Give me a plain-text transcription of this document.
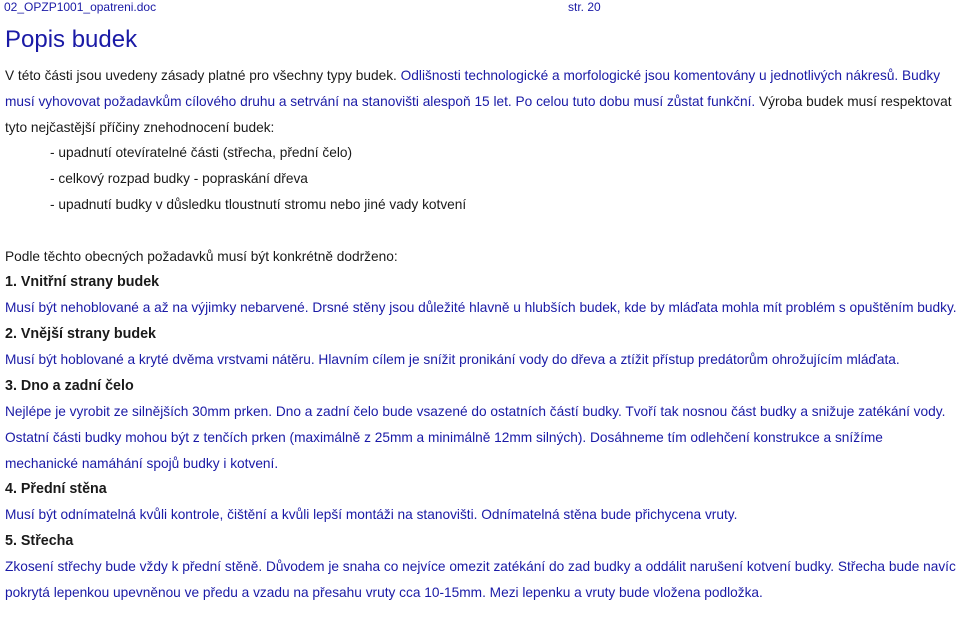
02_OPZP1001_opatreni.doc	str. 20
Popis budek

V této části jsou uvedeny zásady platné pro všechny typy budek. Odlišnosti technologické a morfologické jsou komentovány u jednotlivých nákresů. Budky musí vyhovovat požadavkům cílového druhu a setrvání na stanovišti alespoň 15 let. Po celou tuto dobu musí zůstat funkční. Výroba budek musí respektovat tyto nejčastější příčiny znehodnocení budek:

- upadnutí otevíratelné části (střecha, přední čelo)
- celkový rozpad budky - popraskání dřeva
- upadnutí budky v důsledku tloustnutí stromu nebo jiné vady kotvení

Podle těchto obecných požadavků musí být konkrétně dodrženo:

1. Vnitřní strany budek

Musí být nehoblované a až na výjimky nebarvené. Drsné stěny jsou důležité hlavně u hlubších budek, kde by mláďata mohla mít problém s opuštěním budky.

2. Vnější strany budek

Musí být hoblované a kryté dvěma vrstvami nátěru. Hlavním cílem je snížit pronikání vody do dřeva a ztížit přístup predátorům ohrožujícím mláďata.

3. Dno a zadní čelo

Nejlépe je vyrobit ze silnějších 30mm prken. Dno a zadní čelo bude vsazené do ostatních částí budky. Tvoří tak nosnou část budky a snižuje zatékání vody. Ostatní části budky mohou být z tenčích prken (maximálně z 25mm a minimálně 12mm silných). Dosáhneme tím odlehčení konstrukce a snížíme mechanické namáhání spojů budky i kotvení.

4. Přední stěna

Musí být odnímatelná kvůli kontrole, čištění a kvůli lepší montáži na stanovišti. Odnímatelná stěna bude přichycena vruty.

5. Střecha

Zkosení střechy bude vždy k přední stěně. Důvodem je snaha co nejvíce omezit zatékání do zad budky a oddálit narušení kotvení budky. Střecha bude navíc pokrytá lepenkou upevněnou ve předu a vzadu na přesahu vruty cca 10-15mm. Mezi lepenku a vruty bude vložena podložka.
